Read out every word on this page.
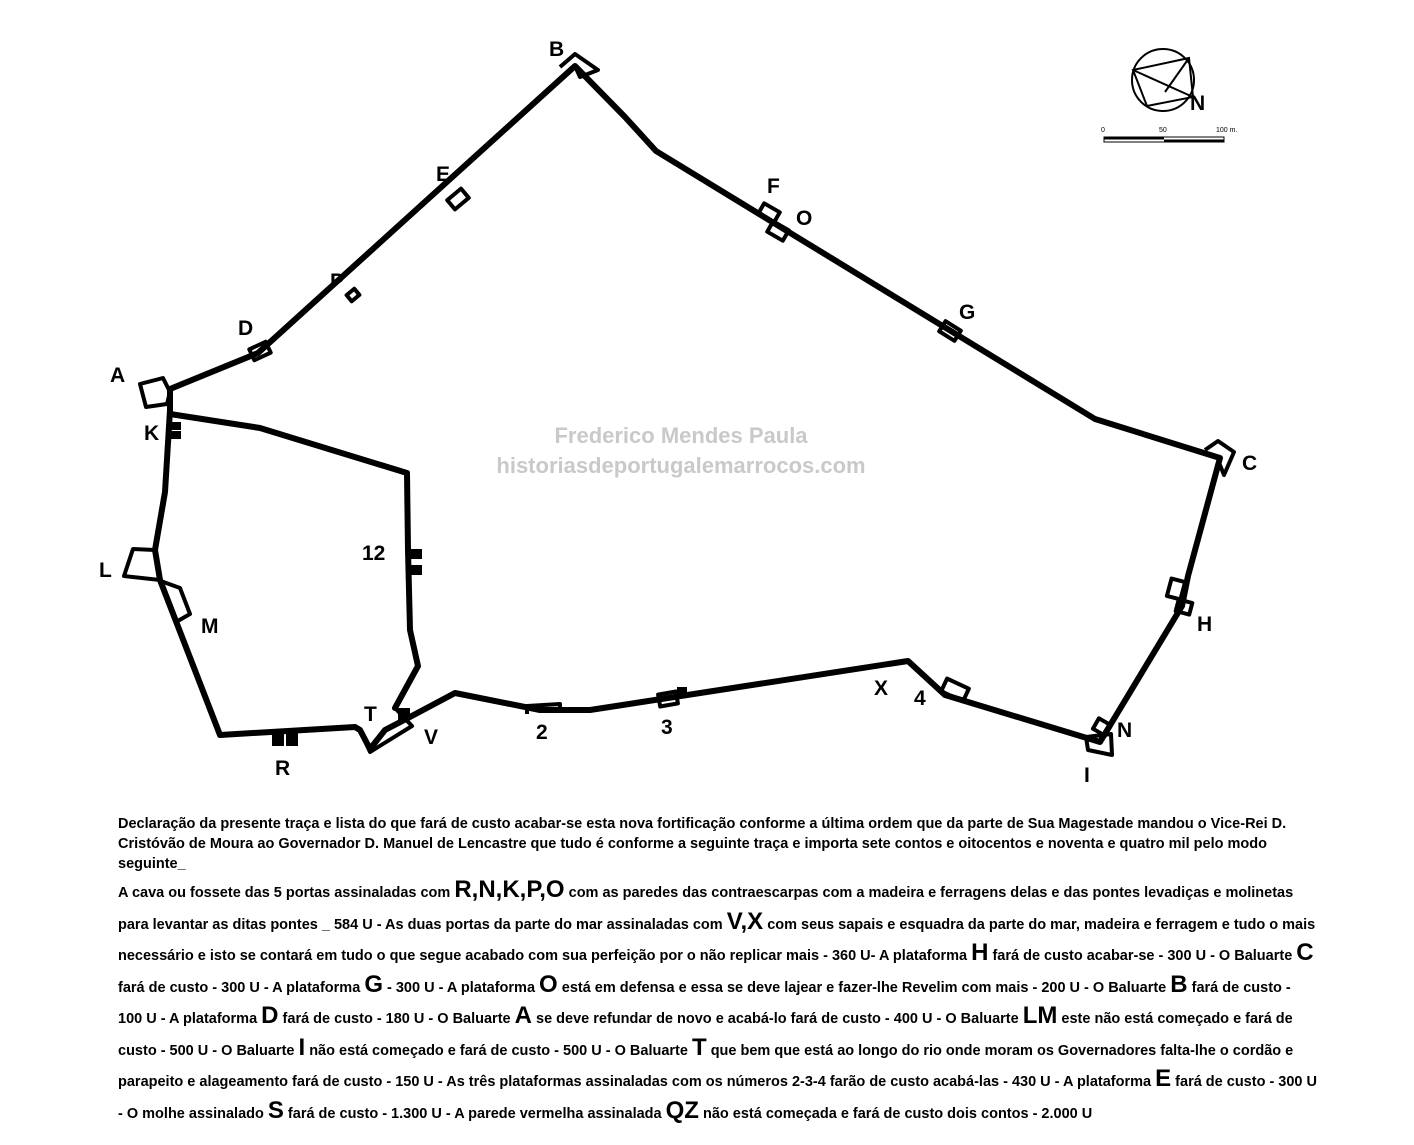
N
0	50	100 m.
Frederico Mendes Paula
historiasdeportugalemarrocos.com
A
B
C
D
E
F
G
H
I
K
L
M
N
O
P
R
T
V
X
2	3
4
12

Declaração da presente traça e lista do que fará de custo acabar-se esta nova fortificação conforme a última ordem que da parte de Sua Magestade mandou o Vice-Rei D. Cristóvão de Moura ao Governador D. Manuel de Lencastre que tudo é conforme a seguinte traça e importa sete contos e oitocentos e noventa e quatro mil pelo modo seguinte_

A cava ou fossete das 5 portas assinaladas com R,N,K,P,O com as paredes das contraescarpas com a madeira e ferragens delas e das pontes levadiças e molinetas para levantar as ditas pontes _ 584 U - As duas portas da parte do mar assinaladas com V,X com seus sapais e esquadra da parte do mar, madeira e ferragem e tudo o mais necessário e isto se contará em tudo o que segue acabado com sua perfeição por o não replicar mais - 360 U- A plataforma H fará de custo acabar-se - 300 U - O Baluarte C fará de custo - 300 U - A plataforma G - 300 U - A plataforma O está em defensa e essa se deve lajear e fazer-lhe Revelim com mais - 200 U - O Baluarte B fará de custo - 100 U - A plataforma D fará de custo - 180 U - O Baluarte A se deve refundar de novo e acabá-lo fará de custo - 400 U - O Baluarte LM este não está começado e fará de custo - 500 U - O Baluarte I não está começado e fará de custo - 500 U - O Baluarte T que bem que está ao longo do rio onde moram os Governadores falta-lhe o cordão e parapeito e alageamento fará de custo - 150 U - As três plataformas assinaladas com os números 2-3-4 farão de custo acabá-las - 430 U - A plataforma E fará de custo - 300 U - O molhe assinalado S fará de custo - 1.300 U - A parede vermelha assinalada QZ não está começada e fará de custo dois contos - 2.000 U
